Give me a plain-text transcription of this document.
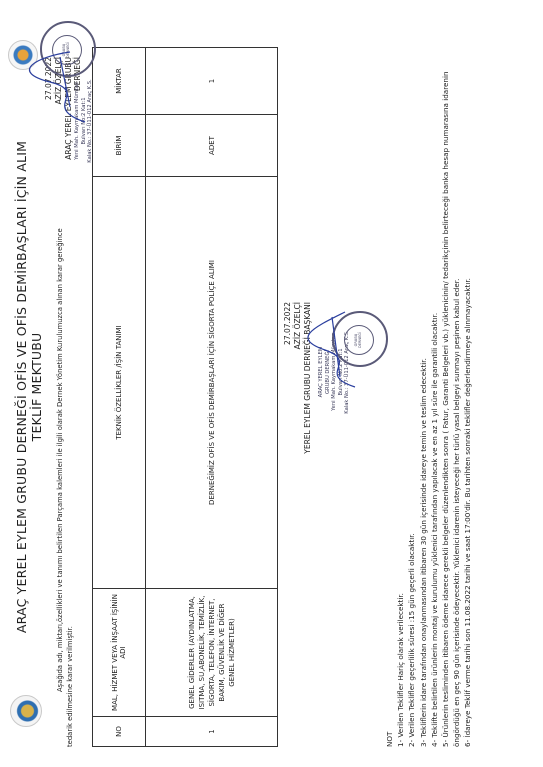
ARAÇ YEREL EYLEM GRUBU DERNEĞİ OFİS VE OFİS DEMİRBAŞLARI İÇİN ALIM TEKLİF MEKTUBU Aşağıda adı, miktarı,özellikleri ve tanımı belirtilen Parçama kalemleri ile ilgili olarak Dernek Yönetim Kurulumuzca alınan karar gereğince tedarik edilmesine karar verilmiştir.	NO	MAL, HİZMET VEYA İNŞAAT İŞİNİN ADI	TEKNİK ÖZELLİKLER /İŞİN TANIMI	BİRİM	MİKTAR
1	GENEL GİDERLER (AYDINLATMA, ISITMA, SU,ABONELİK, TEMİZLİK, SİGORTA, TELEFON, İNTERNET, BAKIM, GÜVENLİK VE DİĞER GENEL HİZMETLER)	DERNEĞİMİZ OFİS VE OFİS DEMİRBAŞLARI İÇİN SİGORTA POLİÇE ALIMI	ADET	1
27.07.2022 AZİZ ÖZELÇİ ARAÇ YEREL EYLEM GRUBU DERNEĞİ
Yeni Mah. Kaymakam Mümtaz Bulvarı No:2 Kat:1 Kalak No.: 37-Ü11-012 Araç K.S.
GRUBU DERNEĞİ
27.07.2022 AZİZ ÖZELÇİ YEREL EYLEM GRUBU DERNEĞİ BAŞKANI ARAÇ YEREL EYLEM GRUBU DERNEĞİ Yeni Mah. Kaymakam Mümtaz Bulvarı No:2 Kat:1 Kalak No.: 37-Ü11-012 Araç K.S. GRUBU DERNEĞİ
NOT 1- Verilen Teklifler Hariç olarak verilecektir. 2- Verilen Teklifler geçerlilik süresi :15 gün geçerli olacaktır. 3- Tekliflerin idare tarafından onaylanmasından itibaren 30 gün içerisinde idareye temin ve teslim edecektir. 4- Teklifte belirtilen ürünlerin montaj ve kurulumu yüklenici tarafından yapılacak ve en az 1 yıl süre ile garantili olacaktır. 5- Ürünlerin tesliminden itibaren ödeme idarece gerekli belgeler düzenlendikten sonra ( Fatur, Garanti Belgeleri vb.) yüklenicinin/ tedarikçinin belirteceği banka hesap numarasına idarenin öngördüğü en geç 90 gün içerisinde ödeyecektir. Yüklenici idarenin isteyeceği her türlü yasal belgeyi sunmayı peşinen kabul eder. 6- İdareye Teklif verme tarihi son 11.08.2022 tarihi ve saat 17:00'dir. Bu tarihten sonraki teklifler değerlendirmeye alınmayacaktır.
